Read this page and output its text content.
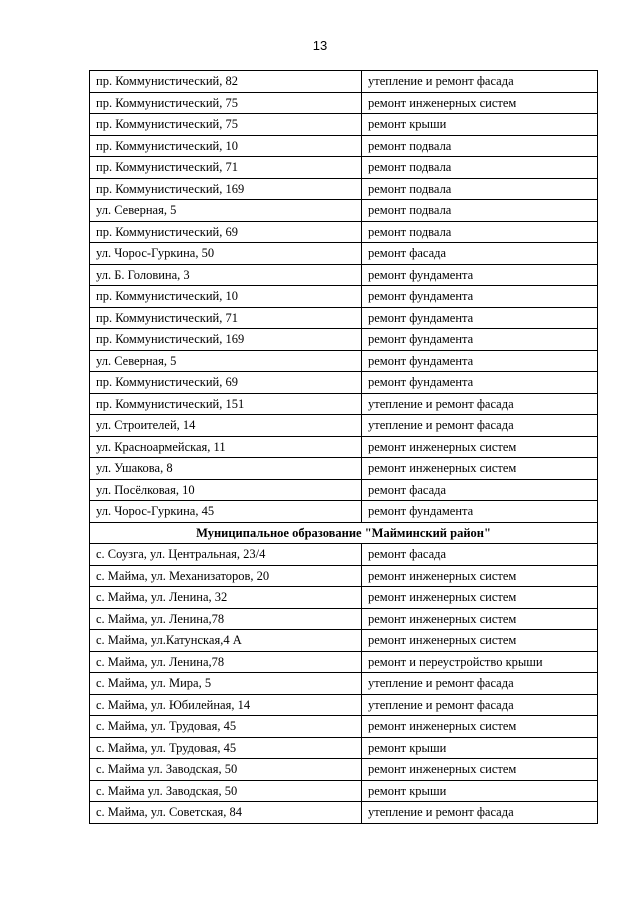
13
пр. Коммунистический, 82	утепление и ремонт фасада
пр. Коммунистический, 75	ремонт инженерных систем
пр. Коммунистический, 75	ремонт крыши
пр. Коммунистический, 10	ремонт подвала
пр. Коммунистический, 71	ремонт подвала
пр. Коммунистический, 169	ремонт подвала
ул. Северная, 5	ремонт подвала
пр. Коммунистический, 69	ремонт подвала
ул. Чорос-Гуркина, 50	ремонт фасада
ул. Б. Головина, 3	ремонт фундамента
пр. Коммунистический, 10	ремонт фундамента
пр. Коммунистический, 71	ремонт фундамента
пр. Коммунистический, 169	ремонт фундамента
ул. Северная, 5	ремонт фундамента
пр. Коммунистический, 69	ремонт фундамента
пр. Коммунистический, 151	утепление и ремонт фасада
ул. Строителей, 14	утепление и ремонт фасада
ул. Красноармейская, 11	ремонт инженерных систем
ул. Ушакова, 8	ремонт инженерных систем
ул. Посёлковая, 10	ремонт фасада
ул. Чорос-Гуркина, 45	ремонт фундамента
Муниципальное образование "Майминский район"	
с. Соузга, ул. Центральная, 23/4	ремонт фасада
с. Майма, ул. Механизаторов, 20	ремонт инженерных систем
с. Майма, ул. Ленина, 32	ремонт инженерных систем
с. Майма, ул. Ленина,78	ремонт инженерных систем
с. Майма, ул.Катунская,4 А	ремонт инженерных систем
с. Майма, ул. Ленина,78	ремонт и переустройство крыши
с. Майма, ул. Мира, 5	утепление и ремонт фасада
с. Майма, ул. Юбилейная, 14	утепление и ремонт фасада
с. Майма, ул. Трудовая, 45	ремонт инженерных систем
с. Майма, ул. Трудовая, 45	ремонт крыши
с. Майма ул. Заводская, 50	ремонт инженерных систем
с. Майма ул. Заводская, 50	ремонт крыши
с. Майма, ул. Советская, 84	утепление и ремонт фасада
